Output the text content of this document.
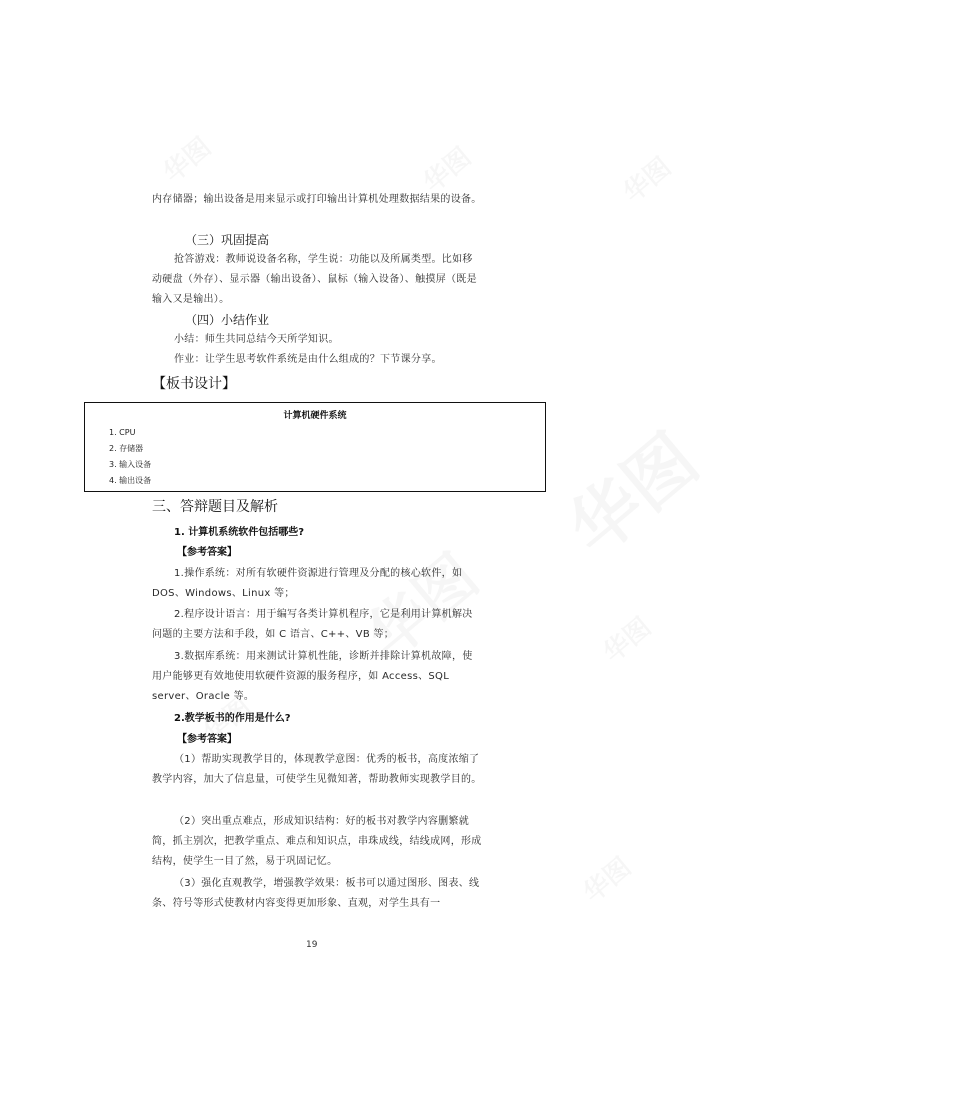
内存储器；输出设备是用来显示或打印输出计算机处理数据结果的设备。
（三）巩固提高
抢答游戏：教师说设备名称，学生说：功能以及所属类型。比如移动硬盘（外存）、显示器（输出设备）、鼠标（输入设备）、触摸屏（既是输入又是输出）。
（四）小结作业
小结：师生共同总结今天所学知识。
作业：让学生思考软件系统是由什么组成的？下节课分享。
【板书设计】
计算机硬件系统
1. CPU
2. 存储器
3. 输入设备
4. 输出设备
三、答辩题目及解析
1. 计算机系统软件包括哪些?
【参考答案】
1.操作系统：对所有软硬件资源进行管理及分配的核心软件，如 DOS、Windows、Linux 等；
2.程序设计语言：用于编写各类计算机程序，它是利用计算机解决问题的主要方法和手段，如 C 语言、C++、VB 等；
3.数据库系统：用来测试计算机性能，诊断并排除计算机故障，使用户能够更有效地使用软硬件资源的服务程序，如 Access、SQL server、Oracle 等。
2.教学板书的作用是什么?
【参考答案】
（1）帮助实现教学目的，体现教学意图：优秀的板书，高度浓缩了教学内容，加大了信息量，可使学生见微知著，帮助教师实现教学目的。
（2）突出重点难点，形成知识结构：好的板书对教学内容删繁就简，抓主别次，把教学重点、难点和知识点，串珠成线，结线成网，形成结构，使学生一目了然，易于巩固记忆。
（3）强化直观教学，增强教学效果：板书可以通过图形、图表、线条、符号等形式使教材内容变得更加形象、直观，对学生具有一
19
